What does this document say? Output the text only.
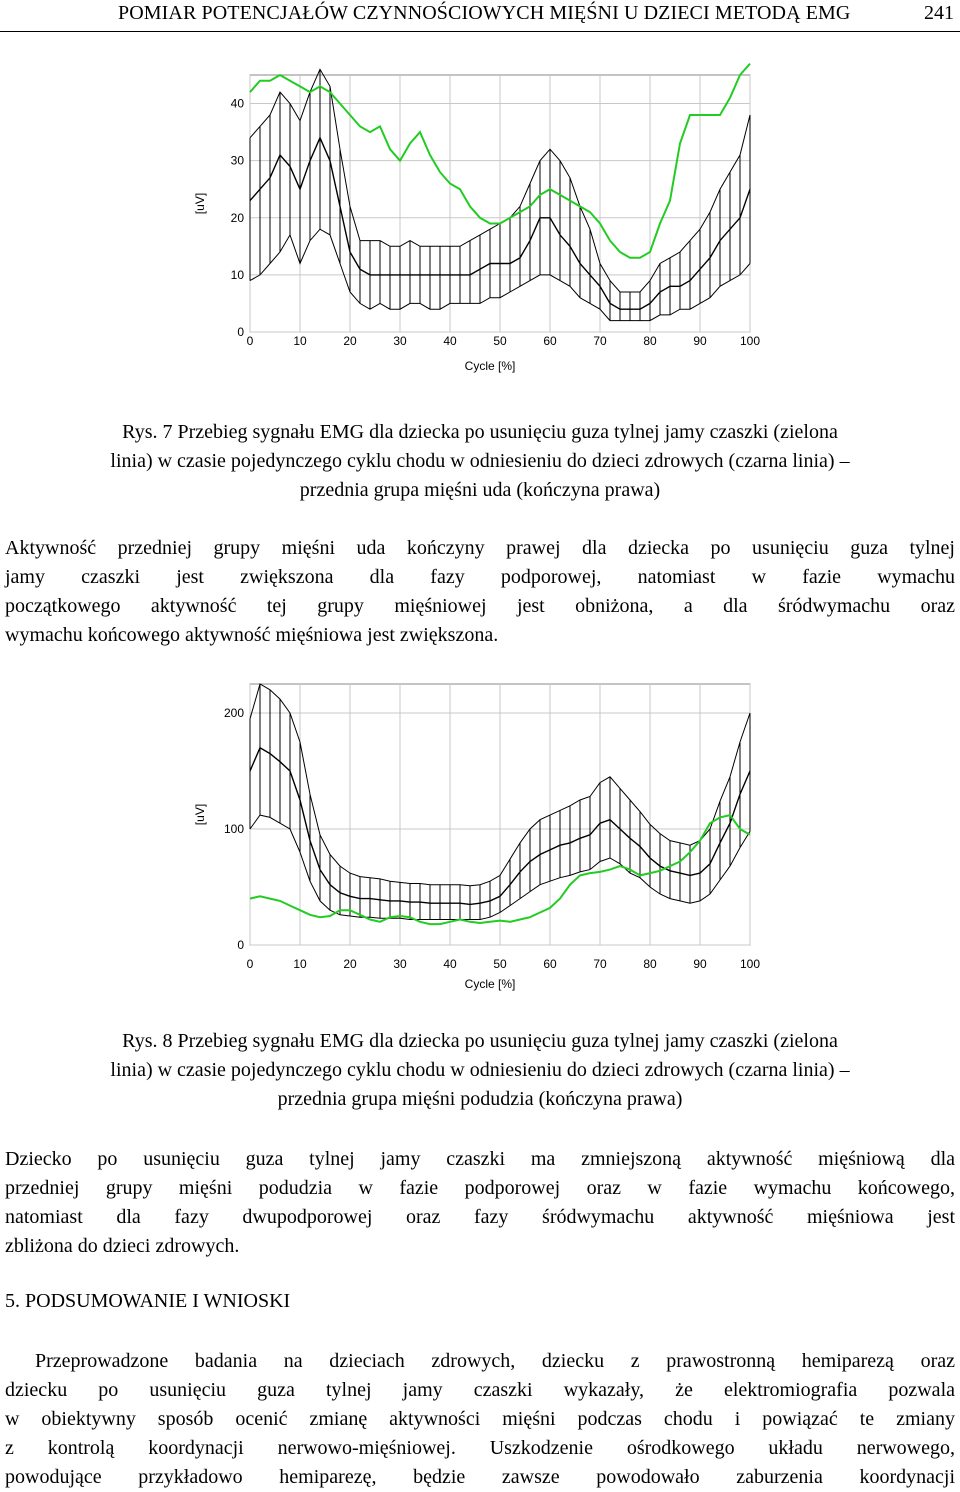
POMIAR POTENCJAŁÓW CZYNNOŚCIOWYCH MIĘŚNI U DZIECI METODĄ EMG	241
0	10	20	30	40	50	60	70	80	90	100
0
10
20
30
40
Cycle [%]
[uV]
Rys. 7 Przebieg sygnału EMG dla dziecka po usunięciu guza tylnej jamy czaszki (zielona
linia) w czasie pojedynczego cyklu chodu w odniesieniu do dzieci zdrowych (czarna linia) –
przednia grupa mięśni uda (kończyna prawa)
Aktywność przedniej grupy mięśni uda kończyny prawej dla dziecka po usunięciu guza tylnej
jamy czaszki jest zwiększona dla fazy podporowej, natomiast w fazie wymachu
początkowego aktywność tej grupy mięśniowej jest obniżona, a dla śródwymachu oraz
wymachu końcowego aktywność mięśniowa jest zwiększona.
0	10	20	30	40	50	60	70	80	90	100
0
100
200
Cycle [%]
[uV]
Rys. 8 Przebieg sygnału EMG dla dziecka po usunięciu guza tylnej jamy czaszki (zielona
linia) w czasie pojedynczego cyklu chodu w odniesieniu do dzieci zdrowych (czarna linia) –
przednia grupa mięśni podudzia (kończyna prawa)
Dziecko po usunięciu guza tylnej jamy czaszki ma zmniejszoną aktywność mięśniową dla
przedniej grupy mięśni podudzia w fazie podporowej oraz w fazie wymachu końcowego,
natomiast dla fazy dwupodporowej oraz fazy śródwymachu aktywność mięśniowa jest
zbliżona do dzieci zdrowych.
5. PODSUMOWANIE I WNIOSKI
Przeprowadzone badania na dzieciach zdrowych, dziecku z prawostronną hemiparezą oraz
dziecku po usunięciu guza tylnej jamy czaszki wykazały, że elektromiografia pozwala
w obiektywny sposób ocenić zmianę aktywności mięśni podczas chodu i powiązać te zmiany
z kontrolą koordynacji nerwowo-mięśniowej. Uszkodzenie ośrodkowego układu nerwowego,
powodujące przykładowo hemiparezę, będzie zawsze powodowało zaburzenia koordynacji
